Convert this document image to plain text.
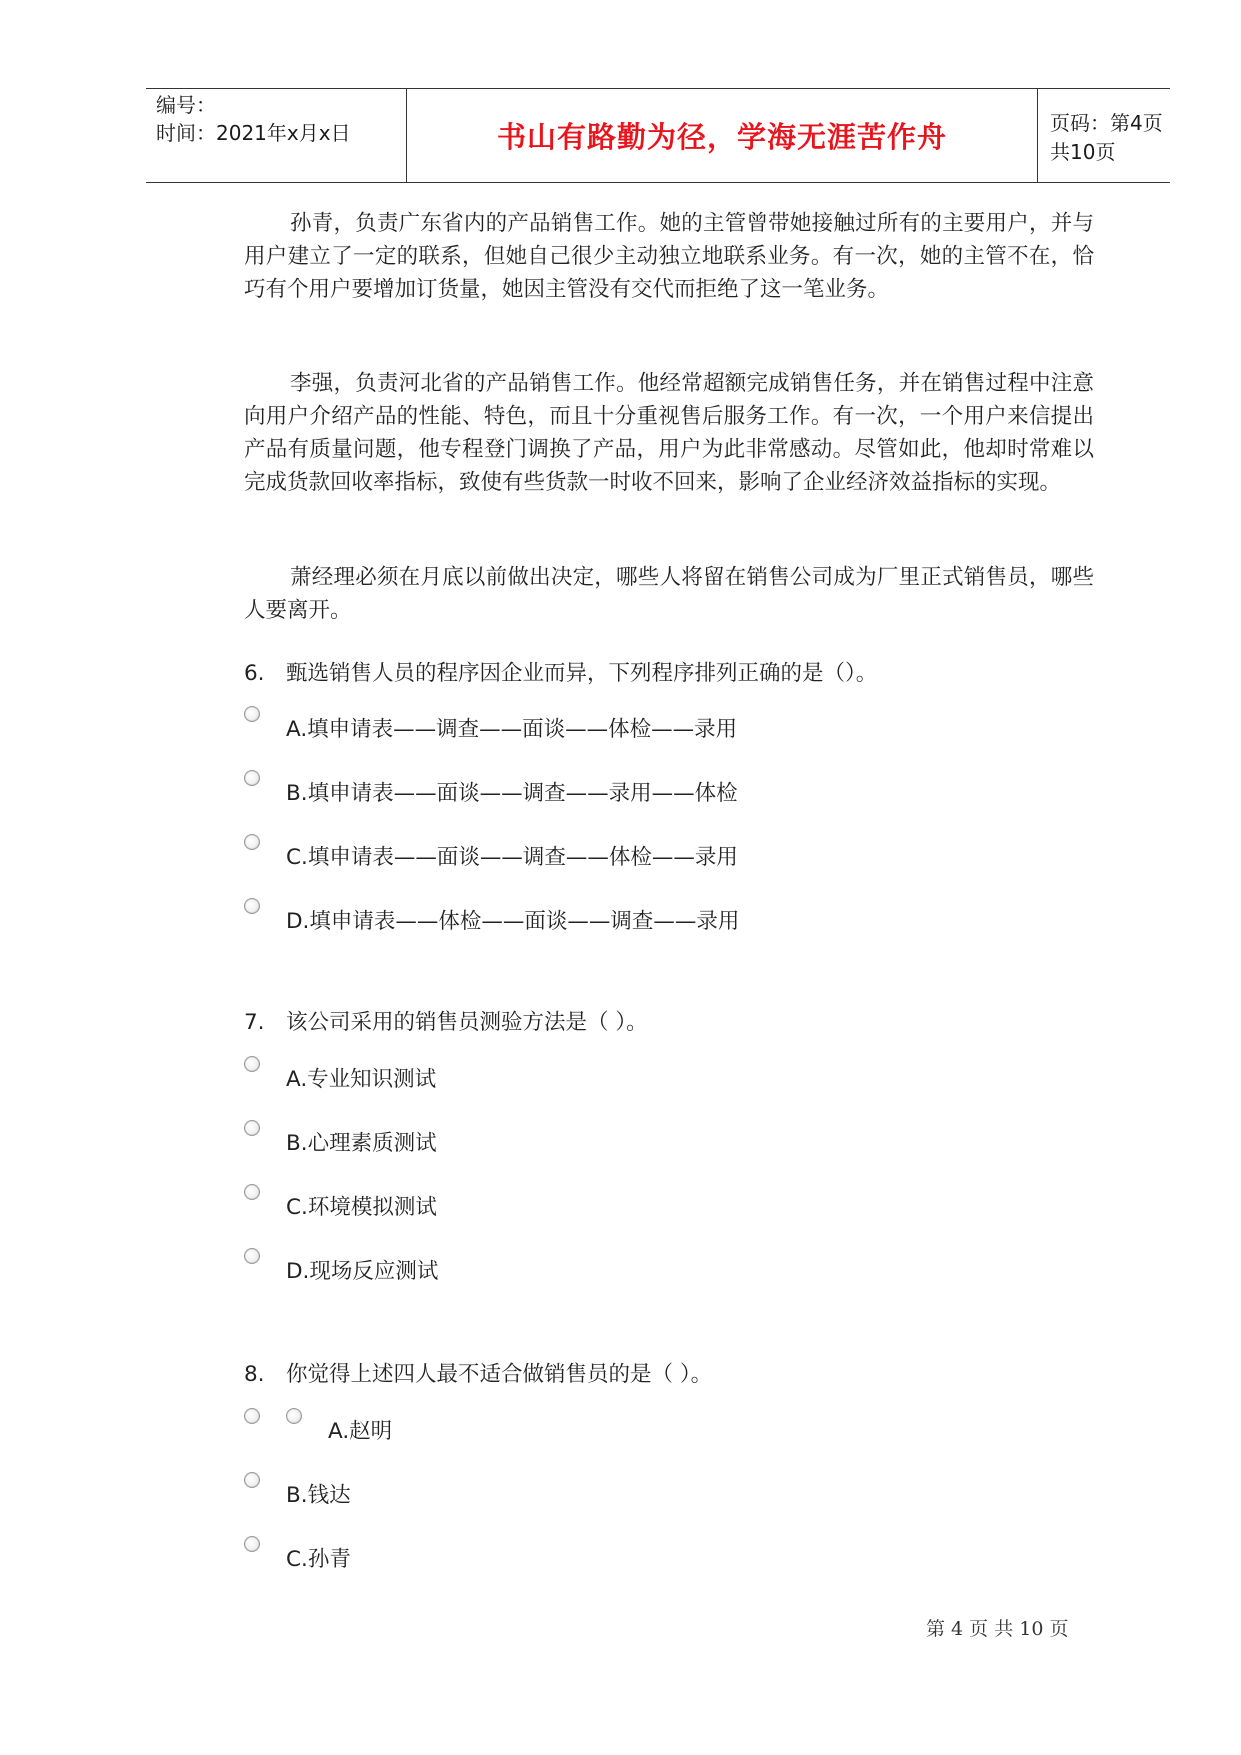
编号：
时间：2021年x月x日	书山有路勤为径，学海无涯苦作舟	页码：第4页 共10页
孙青，负责广东省内的产品销售工作。她的主管曾带她接触过所有的主要用户，并与用户建立了一定的联系，但她自己很少主动独立地联系业务。有一次，她的主管不在，恰巧有个用户要增加订货量，她因主管没有交代而拒绝了这一笔业务。
李强，负责河北省的产品销售工作。他经常超额完成销售任务，并在销售过程中注意向用户介绍产品的性能、特色，而且十分重视售后服务工作。有一次，一个用户来信提出产品有质量问题，他专程登门调换了产品，用户为此非常感动。尽管如此，他却时常难以完成货款回收率指标，致使有些货款一时收不回来，影响了企业经济效益指标的实现。
萧经理必须在月底以前做出决定，哪些人将留在销售公司成为厂里正式销售员，哪些人要离开。
6. 甄选销售人员的程序因企业而异，下列程序排列正确的是（）。
A.填申请表——调查——面谈——体检——录用
B.填申请表——面谈——调查——录用——体检
C.填申请表——面谈——调查——体检——录用
D.填申请表——体检——面谈——调查——录用
7. 该公司采用的销售员测验方法是（ ）。
A.专业知识测试
B.心理素质测试
C.环境模拟测试
D.现场反应测试
8. 你觉得上述四人最不适合做销售员的是（ ）。
A.赵明
B.钱达
C.孙青
第 4 页 共 10 页
